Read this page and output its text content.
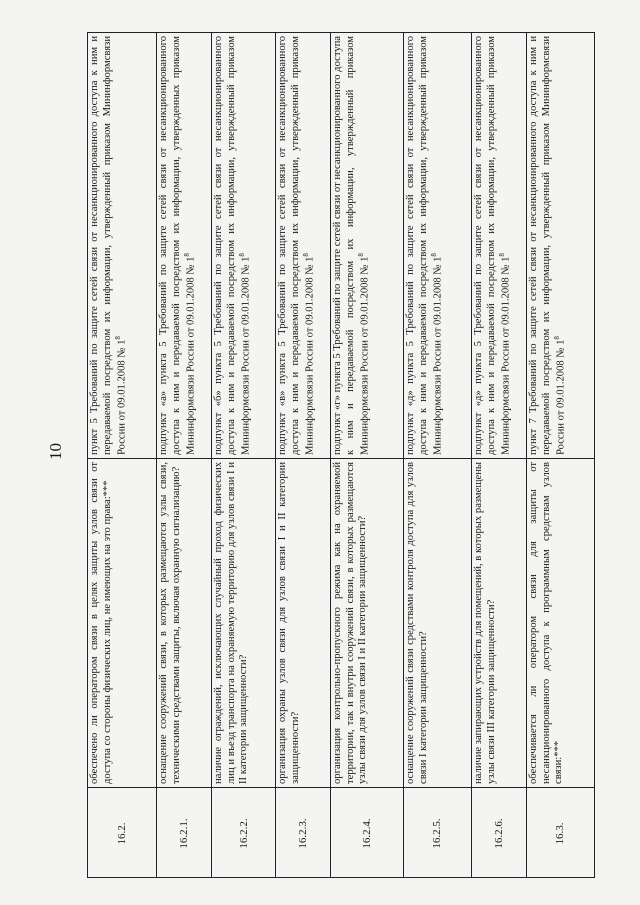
10
16.2.
обеспечено ли оператором связи в целях защиты узлов связи от доступа со стороны физических лиц, не имеющих на это права:***
пункт 5 Требований по защите сетей связи от несанкционированного доступа к ним и передаваемой посредством их информации, утвержденный приказом Мининформсвязи России от 09.01.2008 № $1^8$
16.2.1.
оснащение сооружений связи, в которых размещаются узлы связи, техническими средствами защиты, включая охранную сигнализацию?
подпункт «а» пункта 5 Требований по защите сетей связи от несанкционированного доступа к ним и передаваемой посредством их информации, утвержденных приказом Мининформсвязи России от 09.01.2008 № $1^8$
16.2.2.
наличие ограждений, исключающих случайный проход физических лиц и въезд транспорта на охраняемую территорию для узлов связи I и II категории защищенности?
подпункт «б» пункта 5 Требований по защите сетей связи от несанкционированного доступа к ним и передаваемой посредством их информации, утвержденный приказом Мининформсвязи России от 09.01.2008 № $1^8$
16.2.3.
организация охраны узлов связи для узлов связи I и II категории защищенности?
подпункт «в» пункта 5 Требований по защите сетей связи от несанкционированного доступа к ним и передаваемой посредством их информации, утвержденный приказом Мининформсвязи России от 09.01.2008 № $1^8$
16.2.4.
организация контрольно-пропускного режима как на охраняемой территории, так и внутри сооружений связи, в которых размещаются узлы связи для узлов связи I и II категории защищенности?
подпункт «г» пункта 5 Требований по защите сетей связи от несанкционированного доступа к ним и передаваемой посредством их информации, утвержденный приказом Мининформсвязи России от 09.01.2008 № $1^8$
16.2.5.
оснащение сооружений связи средствами контроля доступа для узлов связи I категории защищенности?
подпункт «д» пункта 5 Требований по защите сетей связи от несанкционированного доступа к ним и передаваемой посредством их информации, утвержденный приказом Мининформсвязи России от 09.01.2008 № $1^8$
16.2.6.
наличие запирающих устройств для помещений, в которых размещены узлы связи III категории защищенности?
подпункт «д» пункта 5 Требований по защите сетей связи от несанкционированного доступа к ним и передаваемой посредством их информации, утвержденный приказом Мининформсвязи России от 09.01.2008 № $1^8$
16.3.
обеспечивается ли оператором связи для защиты от несанкционированного доступа к программным средствам узлов связи:***
пункт 7 Требований по защите сетей связи от несанкционированного доступа к ним и передаваемой посредством их информации, утвержденный приказом Мининформсвязи России от 09.01.2008 № $1^8$
